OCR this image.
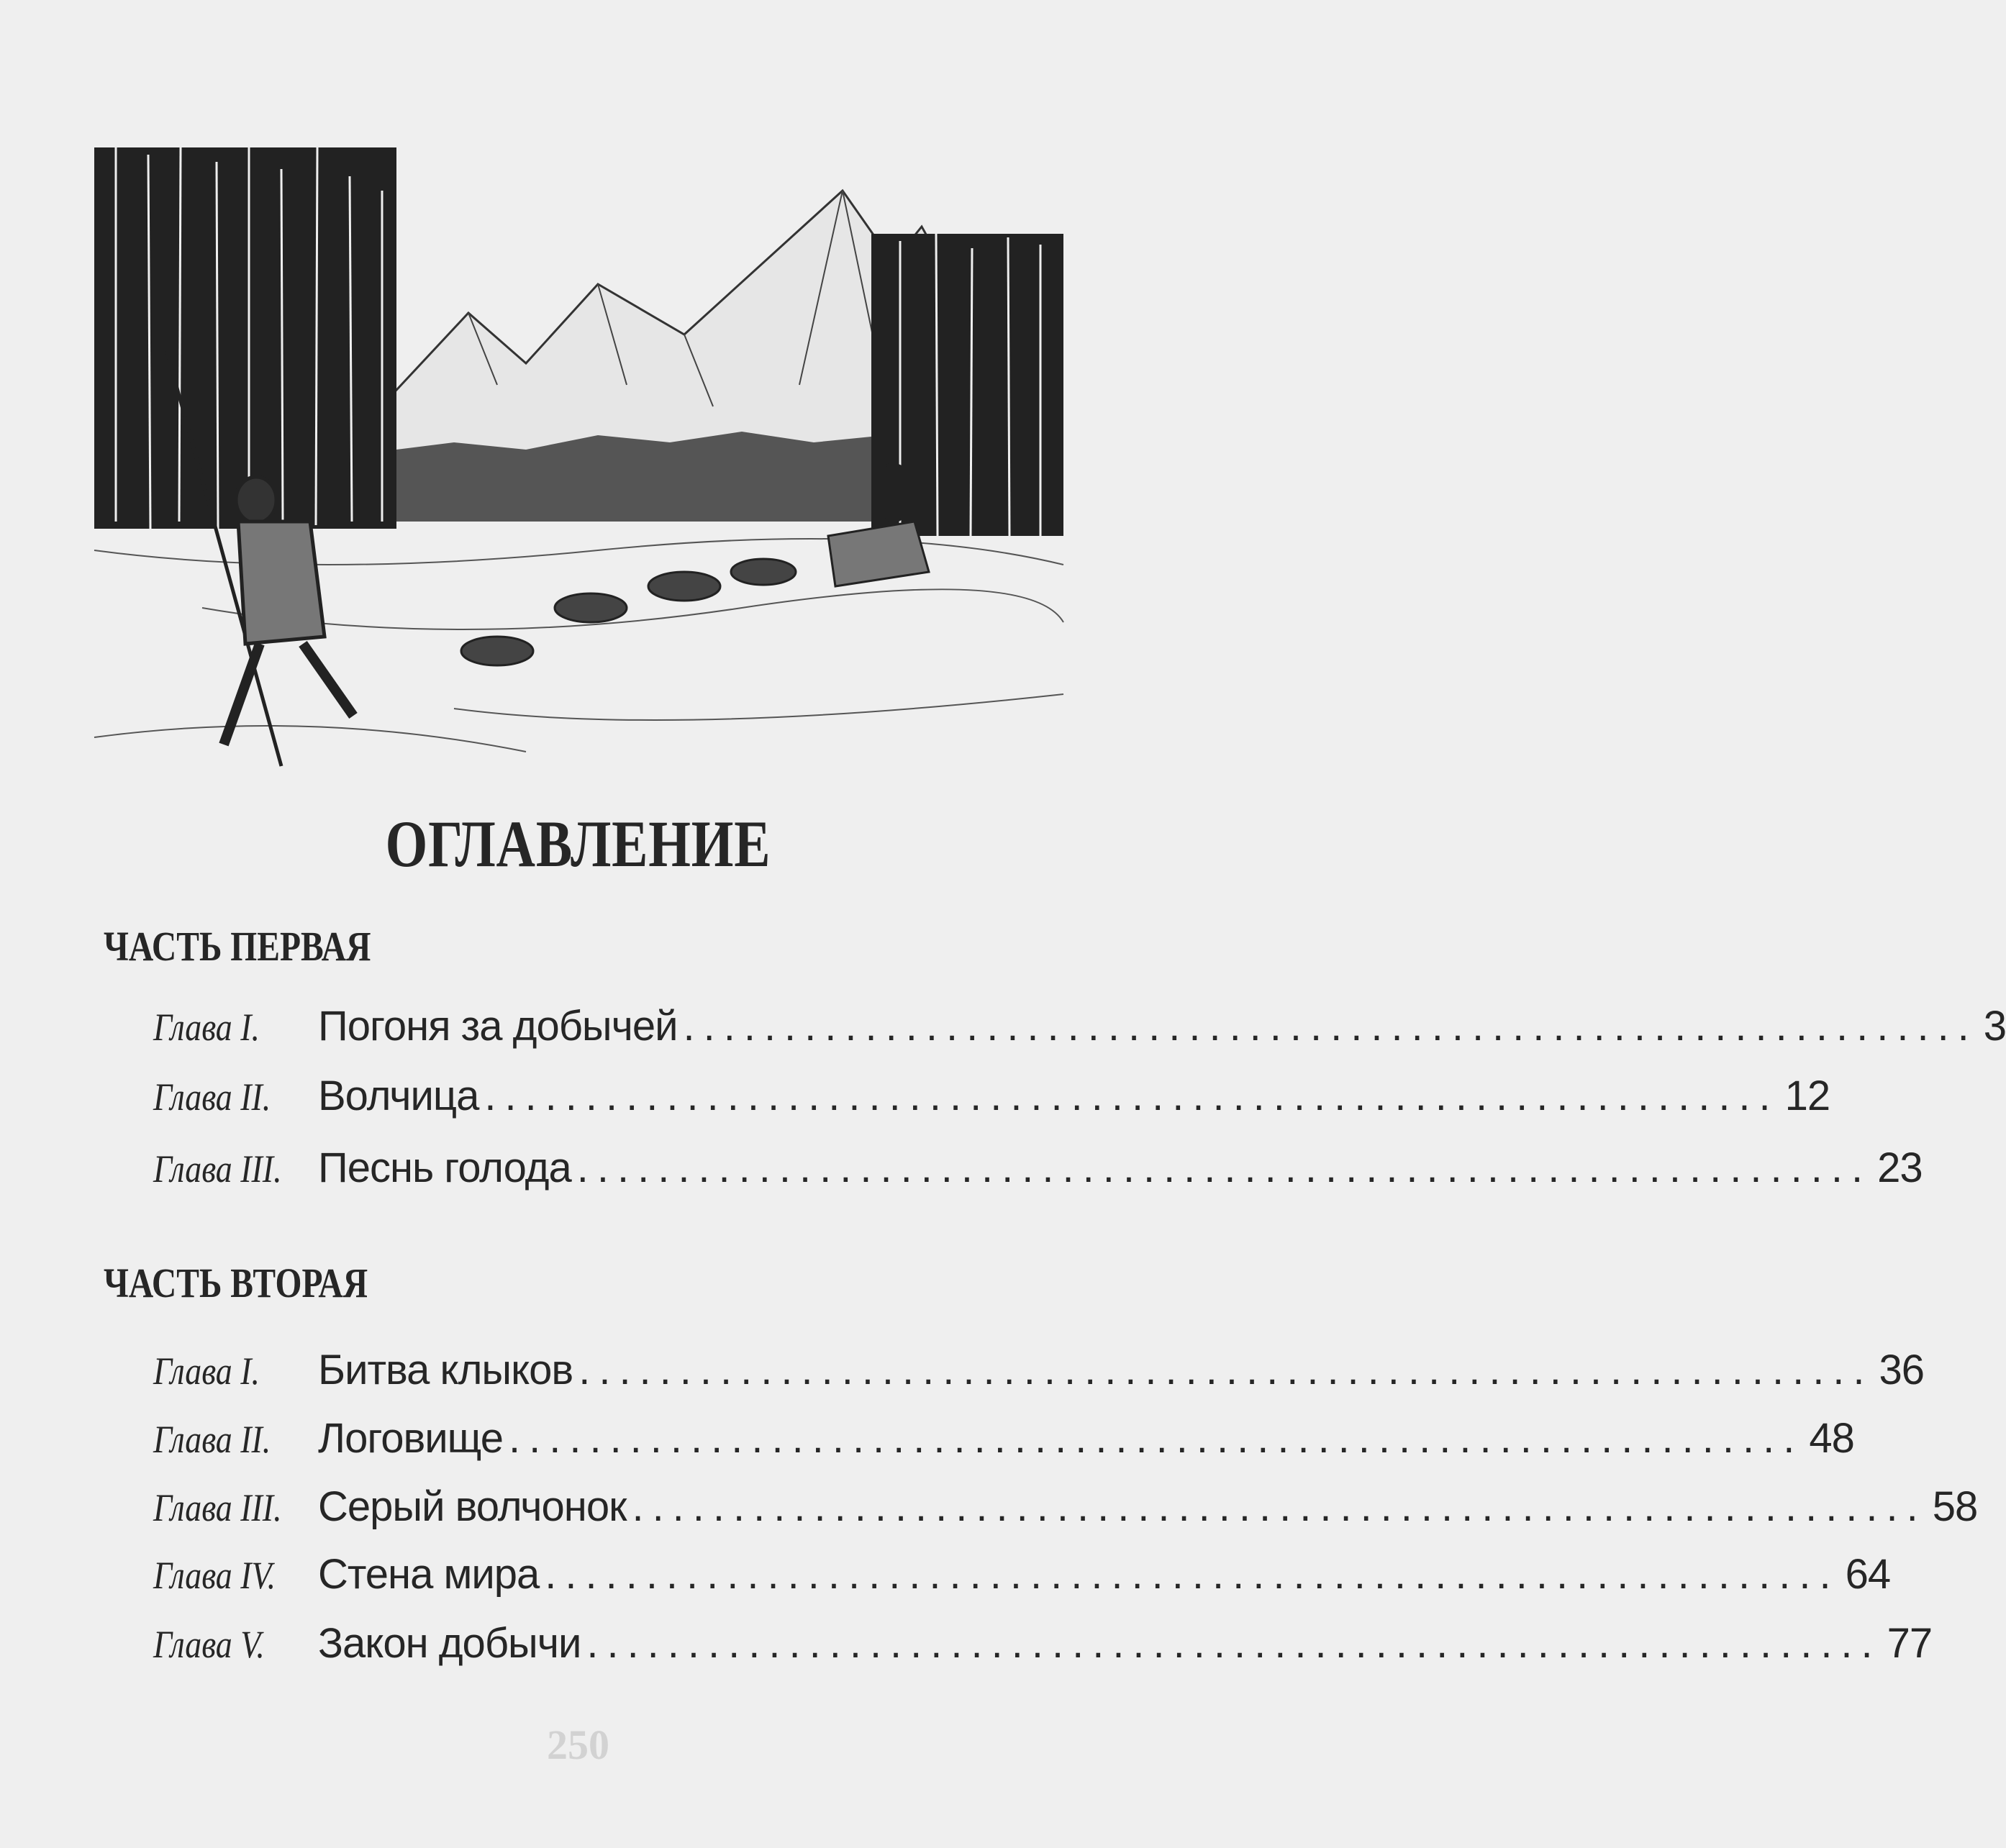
ОГЛАВЛЕНИЕ
ЧАСТЬ ПЕРВАЯ
Глава I.	Погоня за добычей ................................................................ 3
Глава II.	Волчица ................................................................ 12
Глава III. Песнь голода ................................................................ 23
ЧАСТЬ ВТОРАЯ
Глава I.	Битва клыков ................................................................ 36
Глава II.	Логовище ................................................................ 48
Глава III. Серый волчонок ................................................................ 58
Глава IV.	Стена мира ................................................................ 64
Глава V.	Закон добычи ................................................................ 77
250
